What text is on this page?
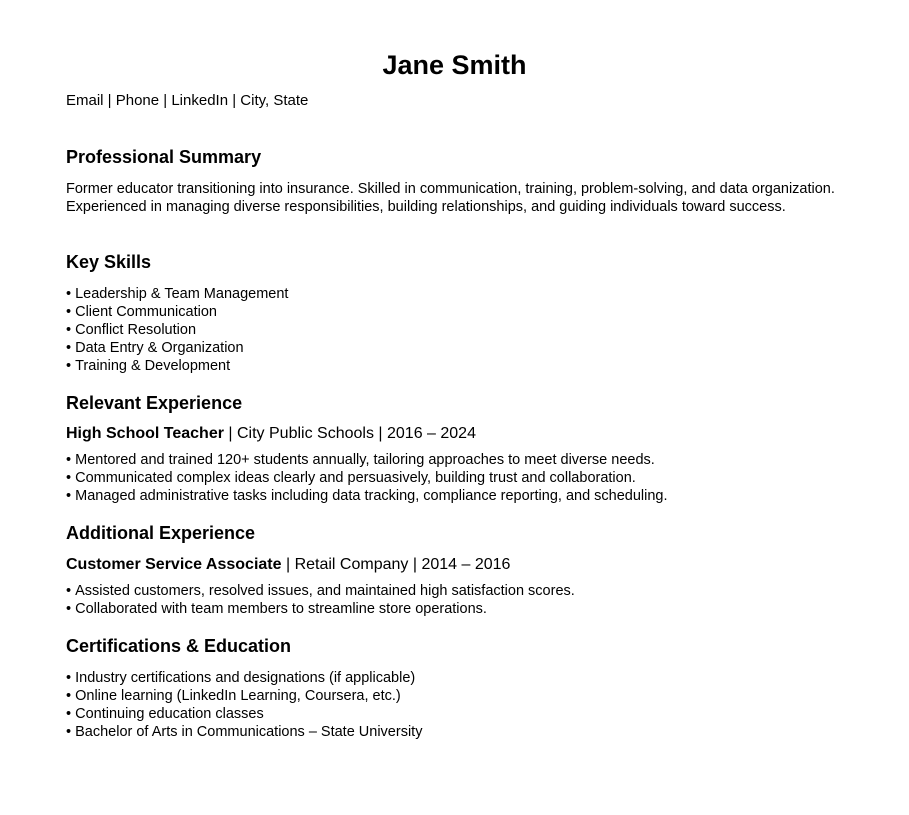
Jane Smith

Email | Phone | LinkedIn | City, State

Professional Summary

Former educator transitioning into insurance. Skilled in communication, training, problem-solving, and data organization. Experienced in managing diverse responsibilities, building relationships, and guiding individuals toward success.

Key Skills
• Leadership & Team Management
• Client Communication
• Conflict Resolution
• Data Entry & Organization
• Training & Development
Relevant Experience

High School Teacher | City Public Schools | 2016 – 2024

• Mentored and trained 120+ students annually, tailoring approaches to meet diverse needs.
• Communicated complex ideas clearly and persuasively, building trust and collaboration.
• Managed administrative tasks including data tracking, compliance reporting, and scheduling.
Additional Experience

Customer Service Associate | Retail Company | 2014 – 2016

• Assisted customers, resolved issues, and maintained high satisfaction scores.
• Collaborated with team members to streamline store operations.
Certifications & Education
• Industry certifications and designations (if applicable)
• Online learning (LinkedIn Learning, Coursera, etc.)
• Continuing education classes
• Bachelor of Arts in Communications – State University
